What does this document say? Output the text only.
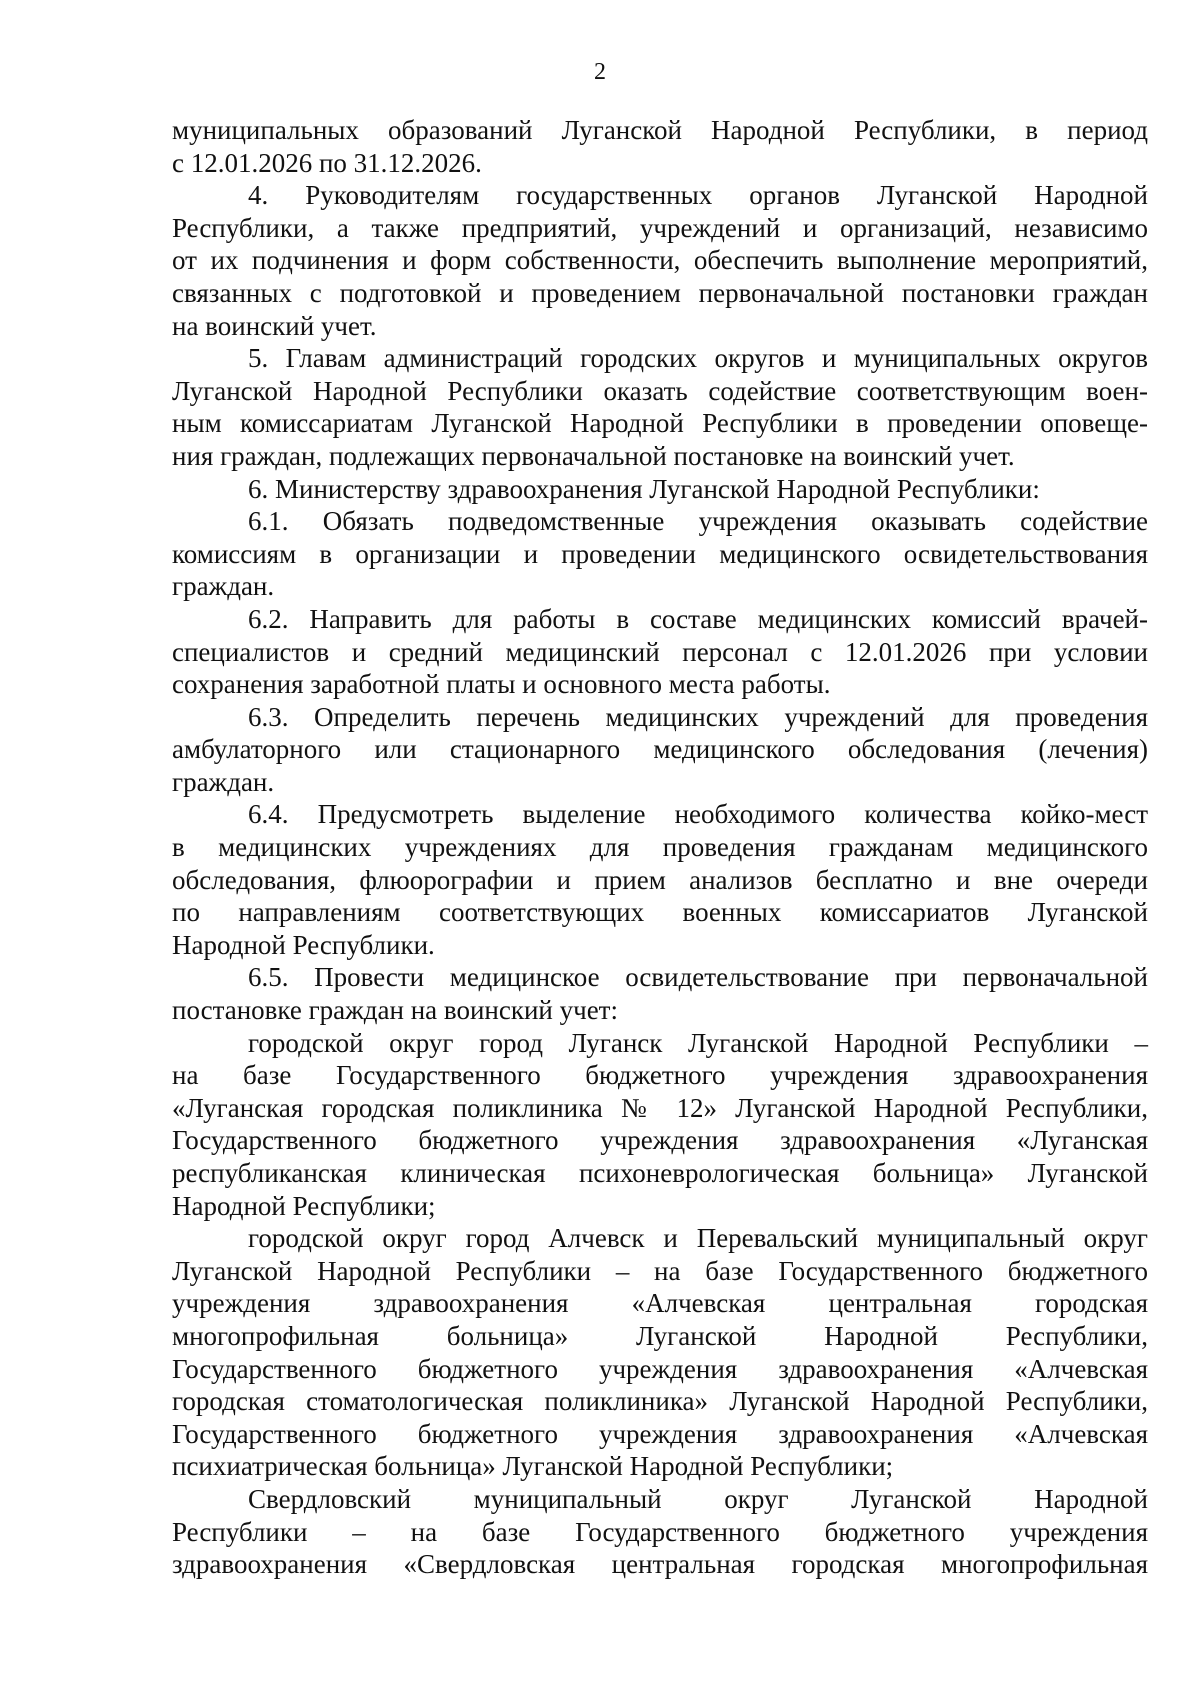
2
муниципальных образований Луганской Народной Республики, в период
с 12.01.2026 по 31.12.2026.
4. Руководителям государственных органов Луганской Народной
Республики, а также предприятий, учреждений и организаций, независимо
от их подчинения и форм собственности, обеспечить выполнение мероприятий,
связанных с подготовкой и проведением первоначальной постановки граждан
на воинский учет.
5. Главам администраций городских округов и муниципальных округов
Луганской Народной Республики оказать содействие соответствующим воен-
ным комиссариатам Луганской Народной Республики в проведении оповеще-
ния граждан, подлежащих первоначальной постановке на воинский учет.
6. Министерству здравоохранения Луганской Народной Республики:
6.1. Обязать подведомственные учреждения оказывать содействие
комиссиям в организации и проведении медицинского освидетельствования
граждан.
6.2. Направить для работы в составе медицинских комиссий врачей-
специалистов и средний медицинский персонал с 12.01.2026 при условии
сохранения заработной платы и основного места работы.
6.3. Определить перечень медицинских учреждений для проведения
амбулаторного или стационарного медицинского обследования (лечения)
граждан.
6.4. Предусмотреть выделение необходимого количества койко-мест
в медицинских учреждениях для проведения гражданам медицинского
обследования, флюорографии и прием анализов бесплатно и вне очереди
по направлениям соответствующих военных комиссариатов Луганской
Народной Республики.
6.5. Провести медицинское освидетельствование при первоначальной
постановке граждан на воинский учет:
городской округ город Луганск Луганской Народной Республики –
на базе Государственного бюджетного учреждения здравоохранения
«Луганская городская поликлиника № 12» Луганской Народной Республики,
Государственного бюджетного учреждения здравоохранения «Луганская
республиканская клиническая психоневрологическая больница» Луганской
Народной Республики;
городской округ город Алчевск и Перевальский муниципальный округ
Луганской Народной Республики – на базе Государственного бюджетного
учреждения здравоохранения «Алчевская центральная городская
многопрофильная больница» Луганской Народной Республики,
Государственного бюджетного учреждения здравоохранения «Алчевская
городская стоматологическая поликлиника» Луганской Народной Республики,
Государственного бюджетного учреждения здравоохранения «Алчевская
психиатрическая больница» Луганской Народной Республики;
Свердловский муниципальный округ Луганской Народной
Республики – на базе Государственного бюджетного учреждения
здравоохранения «Свердловская центральная городская многопрофильная
